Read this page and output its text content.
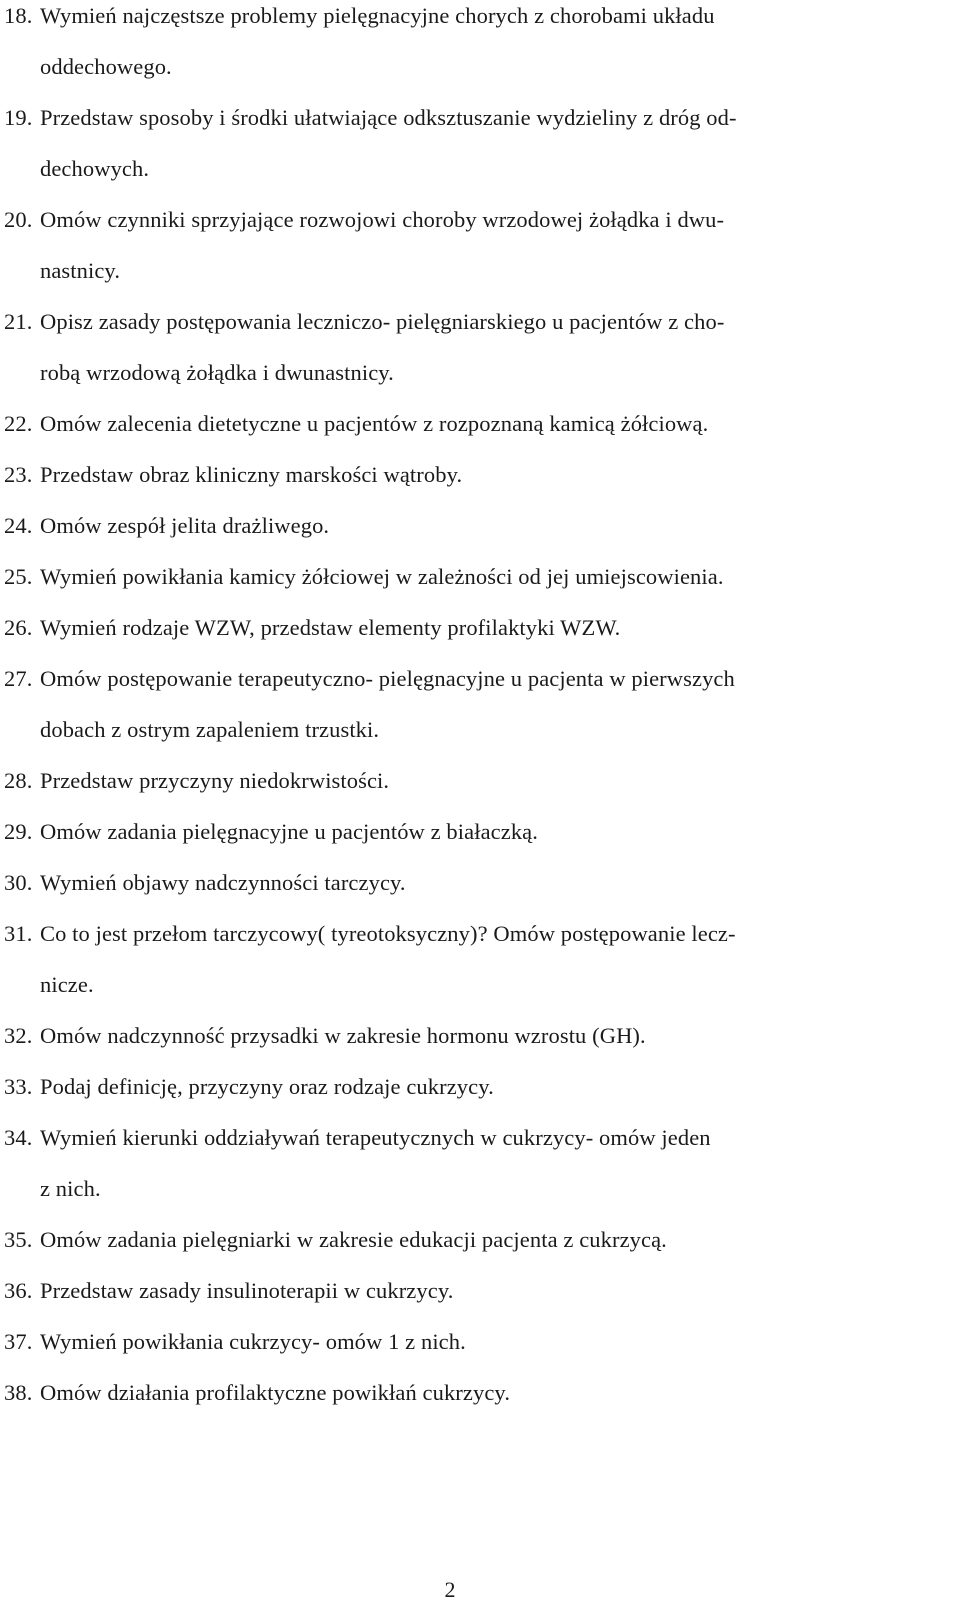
18. Wymień najczęstsze problemy pielęgnacyjne chorych z chorobami układu
oddechowego.
19. Przedstaw sposoby i środki ułatwiające odksztuszanie wydzieliny z dróg od-
dechowych.
20. Omów czynniki sprzyjające rozwojowi choroby wrzodowej żołądka i dwu-
nastnicy.
21. Opisz zasady postępowania leczniczo- pielęgniarskiego u pacjentów z cho-
robą wrzodową żołądka i dwunastnicy.
22. Omów zalecenia dietetyczne u pacjentów z rozpoznaną kamicą żółciową.
23. Przedstaw obraz kliniczny marskości wątroby.
24. Omów zespół jelita drażliwego.
25. Wymień powikłania kamicy żółciowej w zależności od jej umiejscowienia.
26. Wymień rodzaje WZW, przedstaw elementy profilaktyki WZW.
27. Omów postępowanie terapeutyczno- pielęgnacyjne u pacjenta w pierwszych
dobach z ostrym zapaleniem trzustki.
28. Przedstaw przyczyny niedokrwistości.
29. Omów zadania pielęgnacyjne u pacjentów z białaczką.
30. Wymień objawy nadczynności tarczycy.
31. Co to jest przełom tarczycowy( tyreotoksyczny)? Omów postępowanie lecz-
nicze.
32. Omów nadczynność przysadki w zakresie hormonu wzrostu (GH).
33. Podaj definicję, przyczyny oraz rodzaje cukrzycy.
34. Wymień kierunki oddziaływań terapeutycznych w cukrzycy- omów jeden
z nich.
35. Omów zadania pielęgniarki w zakresie edukacji pacjenta z cukrzycą.
36. Przedstaw zasady insulinoterapii w cukrzycy.
37. Wymień powikłania cukrzycy- omów 1 z nich.
38. Omów działania profilaktyczne powikłań cukrzycy.
2
